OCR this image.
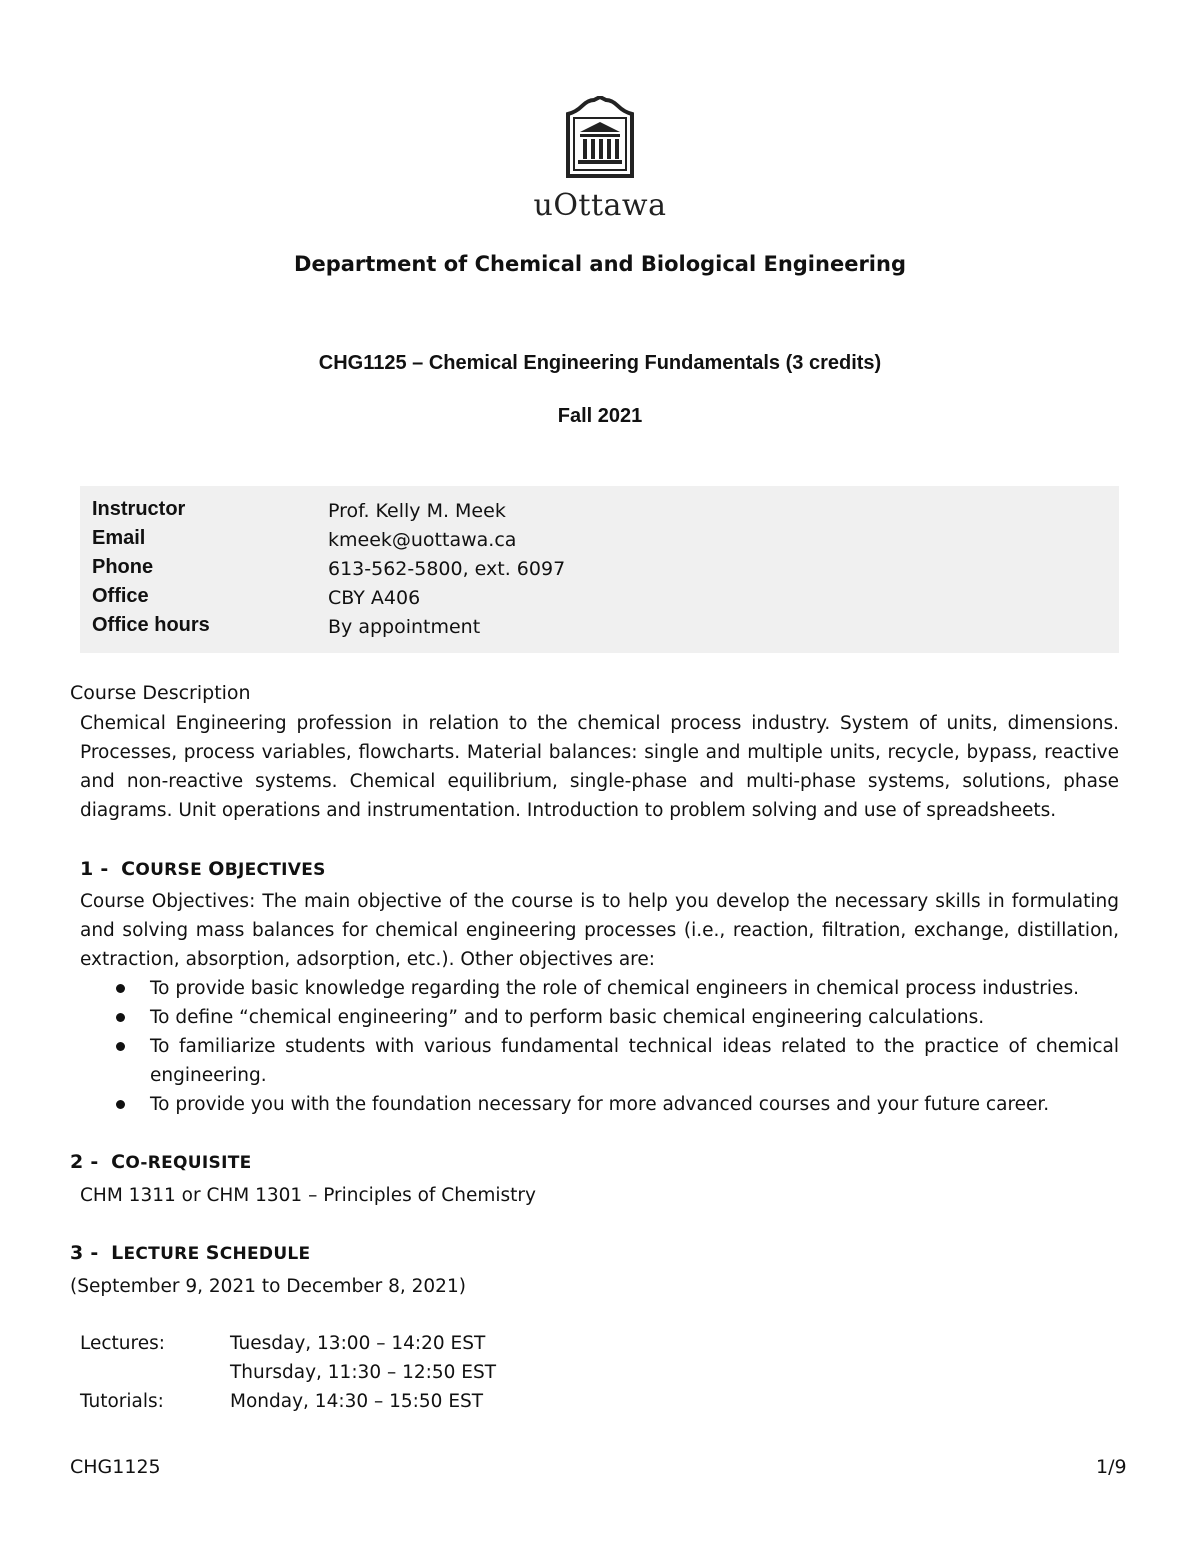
uOttawa
Department of Chemical and Biological Engineering
CHG1125 – Chemical Engineering Fundamentals (3 credits)
Fall 2021
Instructor	Prof. Kelly M. Meek
Email	kmeek@uottawa.ca
Phone	613-562-5800, ext. 6097
Office	CBY A406
Office hours	By appointment
Course Description
Chemical Engineering profession in relation to the chemical process industry. System of units, dimensions. Processes, process variables, flowcharts. Material balances: single and multiple units, recycle, bypass, reactive and non-reactive systems. Chemical equilibrium, single-phase and multi-phase systems, solutions, phase diagrams. Unit operations and instrumentation. Introduction to problem solving and use of spreadsheets.
1 - COURSE OBJECTIVES
Course Objectives: The main objective of the course is to help you develop the necessary skills in formulating and solving mass balances for chemical engineering processes (i.e., reaction, filtration, exchange, distillation, extraction, absorption, adsorption, etc.). Other objectives are:
To provide basic knowledge regarding the role of chemical engineers in chemical process industries.
To define “chemical engineering” and to perform basic chemical engineering calculations.
To familiarize students with various fundamental technical ideas related to the practice of chemical engineering.
To provide you with the foundation necessary for more advanced courses and your future career.
2 - CO-REQUISITE
CHM 1311 or CHM 1301 – Principles of Chemistry
3 - LECTURE SCHEDULE
(September 9, 2021 to December 8, 2021)
Lectures:	Tuesday, 13:00 – 14:20 EST
Thursday, 11:30 – 12:50 EST
Tutorials:	Monday, 14:30 – 15:50 EST
CHG1125	1/9
